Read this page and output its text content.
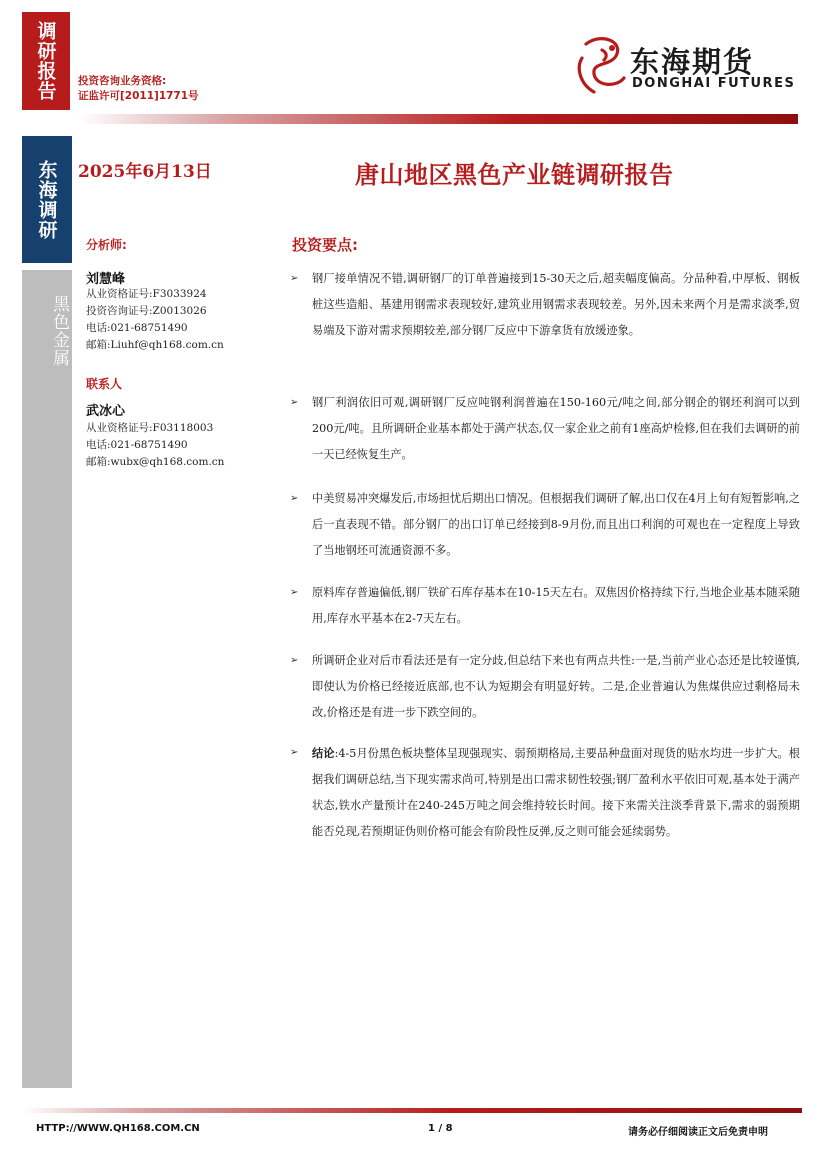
调研报告	投资咨询业务资格:
证监许可[2011]1771号
东海期货
DONGHAI FUTURES
东海调研
黑色金属
2025年6月13日	唐山地区黑色产业链调研报告
分析师:
刘慧峰
从业资格证号:F3033924
投资咨询证号:Z0013026
电话:021-68751490
邮箱:Liuhf@qh168.com.cn
联系人
武冰心
从业资格证号:F03118003
电话:021-68751490
邮箱:wubx@qh168.com.cn
投资要点:
➢ 钢厂接单情况不错,调研钢厂的订单普遍接到15-30天之后,超卖幅度偏高。分品种看,中厚板、钢板桩这些造船、基建用钢需求表现较好,建筑业用钢需求表现较差。另外,因未来两个月是需求淡季,贸易端及下游对需求预期较差,部分钢厂反应中下游拿货有放缓迹象。
➢ 钢厂利润依旧可观,调研钢厂反应吨钢利润普遍在150-160元/吨之间,部分钢企的钢坯利润可以到200元/吨。且所调研企业基本都处于满产状态,仅一家企业之前有1座高炉检修,但在我们去调研的前一天已经恢复生产。
➢ 中美贸易冲突爆发后,市场担忧后期出口情况。但根据我们调研了解,出口仅在4月上旬有短暂影响,之后一直表现不错。部分钢厂的出口订单已经接到8-9月份,而且出口利润的可观也在一定程度上导致了当地钢坯可流通资源不多。
➢ 原料库存普遍偏低,钢厂铁矿石库存基本在10-15天左右。双焦因价格持续下行,当地企业基本随采随用,库存水平基本在2-7天左右。
➢ 所调研企业对后市看法还是有一定分歧,但总结下来也有两点共性:一是,当前产业心态还是比较谨慎,即使认为价格已经接近底部,也不认为短期会有明显好转。二是,企业普遍认为焦煤供应过剩格局未改,价格还是有进一步下跌空间的。
➢ 结论:4-5月份黑色板块整体呈现强现实、弱预期格局,主要品种盘面对现货的贴水均进一步扩大。根据我们调研总结,当下现实需求尚可,特别是出口需求韧性较强;钢厂盈利水平依旧可观,基本处于满产状态,铁水产量预计在240-245万吨之间会维持较长时间。接下来需关注淡季背景下,需求的弱预期能否兑现,若预期证伪则价格可能会有阶段性反弹,反之则可能会延续弱势。
HTTP://WWW.QH168.COM.CN	1 / 8	请务必仔细阅读正文后免责申明
